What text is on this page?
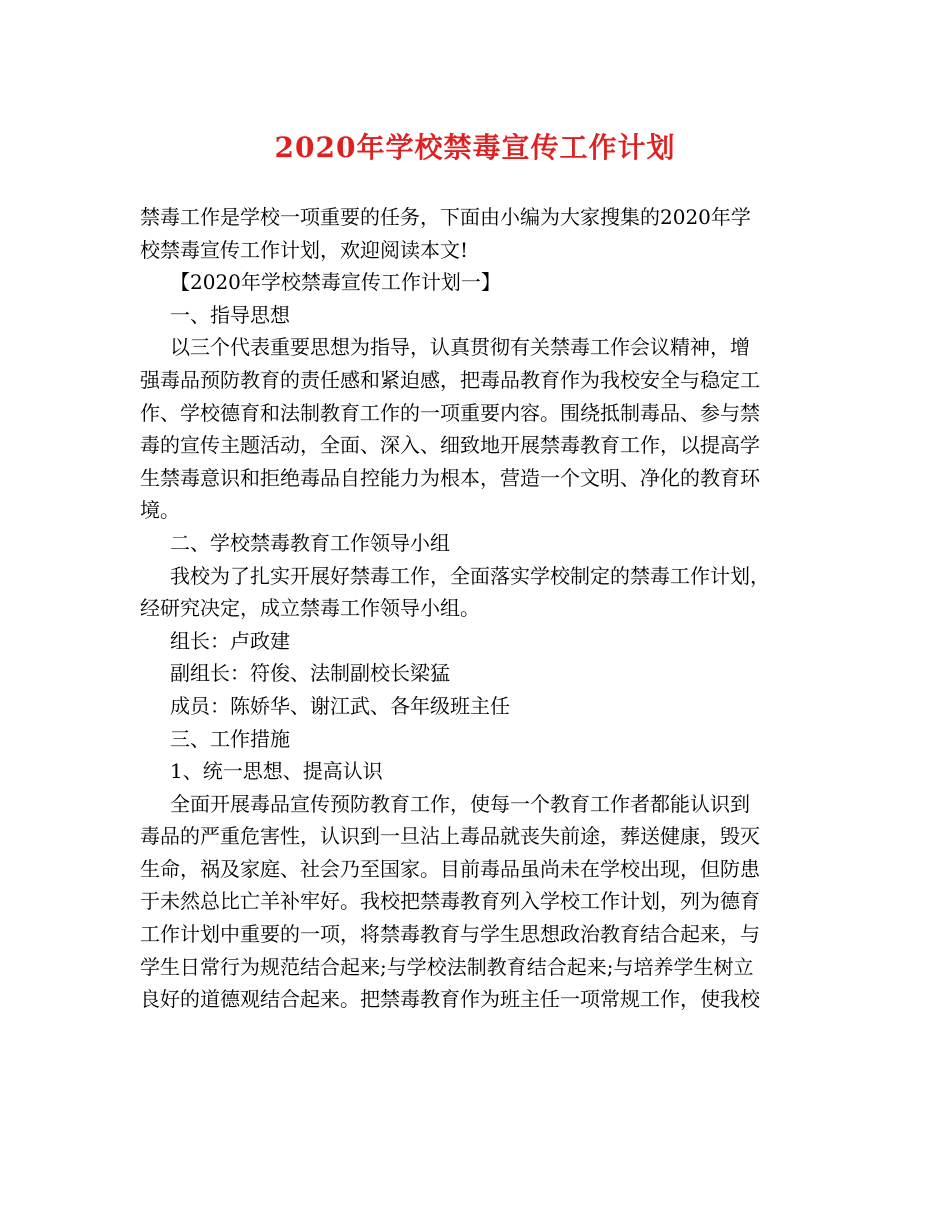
2020年学校禁毒宣传工作计划
禁毒工作是学校一项重要的任务，下面由小编为大家搜集的2020年学
校禁毒宣传工作计划，欢迎阅读本文!
【2020年学校禁毒宣传工作计划一】
一、指导思想
以三个代表重要思想为指导，认真贯彻有关禁毒工作会议精神，增
强毒品预防教育的责任感和紧迫感，把毒品教育作为我校安全与稳定工
作、学校德育和法制教育工作的一项重要内容。围绕抵制毒品、参与禁
毒的宣传主题活动，全面、深入、细致地开展禁毒教育工作，以提高学
生禁毒意识和拒绝毒品自控能力为根本，营造一个文明、净化的教育环
境。
二、学校禁毒教育工作领导小组
我校为了扎实开展好禁毒工作，全面落实学校制定的禁毒工作计划，
经研究决定，成立禁毒工作领导小组。
组长：卢政建
副组长：符俊、法制副校长梁猛
成员：陈娇华、谢江武、各年级班主任
三、工作措施
1、统一思想、提高认识
全面开展毒品宣传预防教育工作，使每一个教育工作者都能认识到
毒品的严重危害性，认识到一旦沾上毒品就丧失前途，葬送健康，毁灭
生命，祸及家庭、社会乃至国家。目前毒品虽尚未在学校出现，但防患
于未然总比亡羊补牢好。我校把禁毒教育列入学校工作计划，列为德育
工作计划中重要的一项，将禁毒教育与学生思想政治教育结合起来，与
学生日常行为规范结合起来;与学校法制教育结合起来;与培养学生树立
良好的道德观结合起来。把禁毒教育作为班主任一项常规工作，使我校
